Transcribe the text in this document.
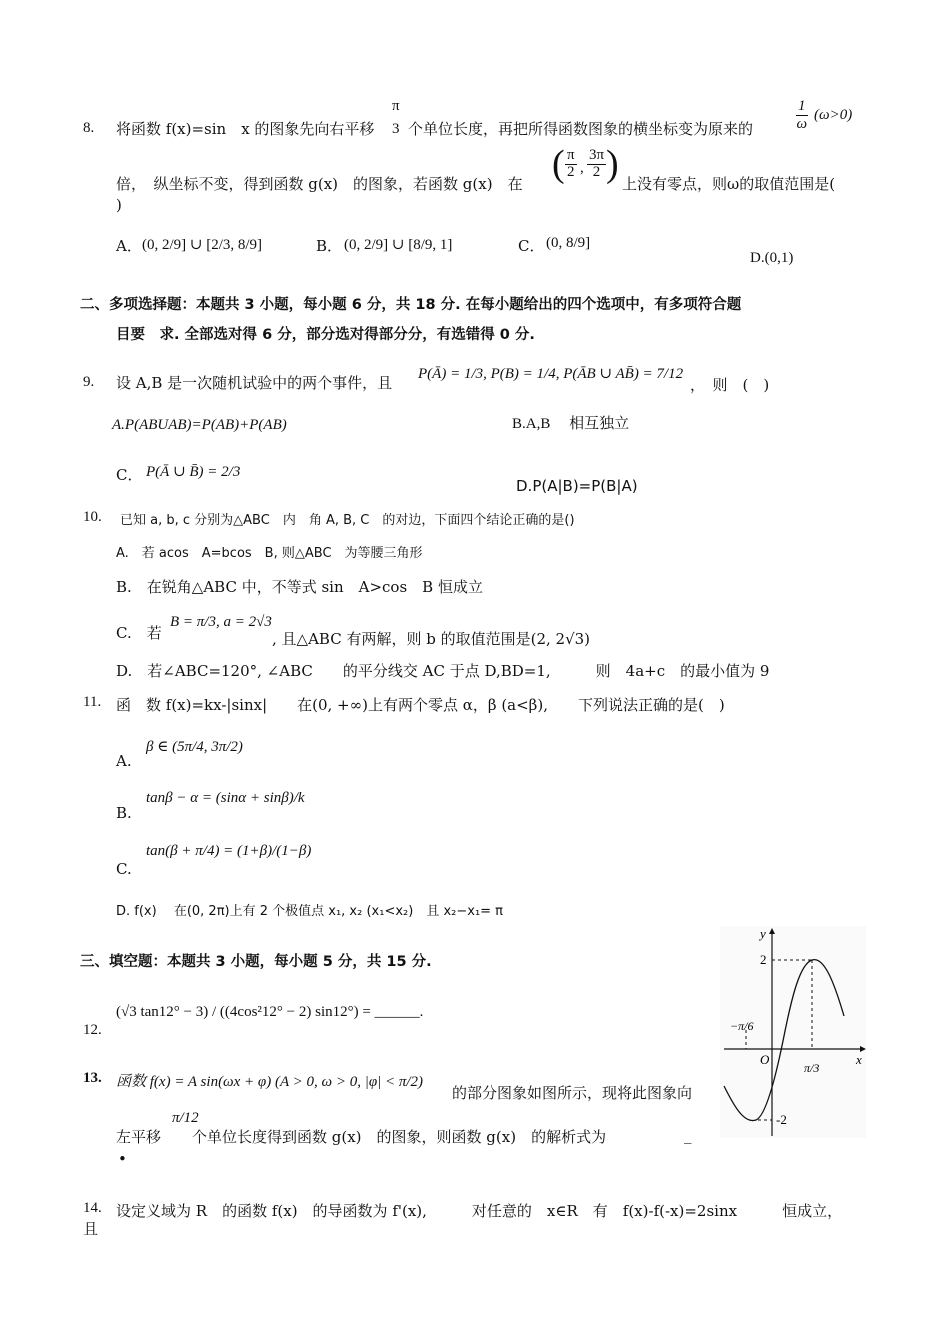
8. 将函数 f(x)=sin　x 的图象先向右平移
π
3 个单位长度，再把所得函数图象的横坐标变为原来的	$\frac{1}{\omega} (\omega>0)$
倍，　纵坐标不变，得到函数 g(x)　的图象，若函数 g(x)　在 ( $\frac{\pi}{2}$ , $\frac{3\pi}{2}$ ) 上没有零点，则ω的取值范围是(
)
A． (0, 2/9] ∪ [2/3, 8/9]	B． (0, 2/9] ∪ [8/9, 1]	C． (0, 8/9]
D.(0,1)
二、多项选择题：本题共 3 小题，每小题 6 分，共 18 分. 在每小题给出的四个选项中，有多项符合题
目要　求. 全部选对得 6 分，部分选对得部分分，有选错得 0 分.
9. 设 A,B 是一次随机试验中的两个事件，且 P(Ā) = 1/3, P(B) = 1/4, P(ĀB ∪ AB̄) = 7/12
，　则　(　)
A.P(ABUAB)=P(AB)+P(AB)	B.A,B　 相互独立
C． P(Ā ∪ B̄) = 2/3
D.P(A|B)=P(B|A)
10. 已知 a, b, c 分别为△ABC　内　角 A, B, C　的对边，下面四个结论正确的是()
A.　若 acos　A=bcos　B, 则△ABC　为等腰三角形
B.　在锐角△ABC 中，不等式 sin　A>cos　B 恒成立
C.　若
B = π/3, a = 2√3
, 且△ABC 有两解，则 b 的取值范围是(2, 2√3)
D.　若∠ABC=120°, ∠ABC　　的平分线交 AC 于点 D,BD=1,　　　则　4a+c　的最小值为 9
11. 函　数 f(x)=kx-|sinx|　　在(0, +∞)上有两个零点 α，β (a<β),　　下列说法正确的是(　)
A.
β ∈ (5π/4, 3π/2)
B.
tanβ − α = (sinα + sinβ)/k
C.
tan(β + π/4) = (1+β)/(1−β)
D. f(x)　 在(0, 2π)上有 2 个极值点 x₁, x₂ (x₁<x₂)　且 x₂−x₁= π
三、填空题：本题共 3 小题，每小题 5 分，共 15 分.
12.
(√3 tan12° − 3) / ((4cos²12° − 2) sin12°) = ______.
13. 函数 f(x) = A sin(ωx + φ) (A > 0, ω > 0, |φ| < π/2)
的部分图象如图所示，现将此图象向
左平移
π/12
个单位长度得到函数 g(x)　的图象，则函数 g(x)　的解析式为	_
•
14. 设定义域为 R　的函数 f(x)　的导函数为 f'(x),　　　对任意的　x∈R　有　f(x)-f(-x)=2sinx　　　恒成立，
且
y
x
2
-2
O
−π/6
π/3
